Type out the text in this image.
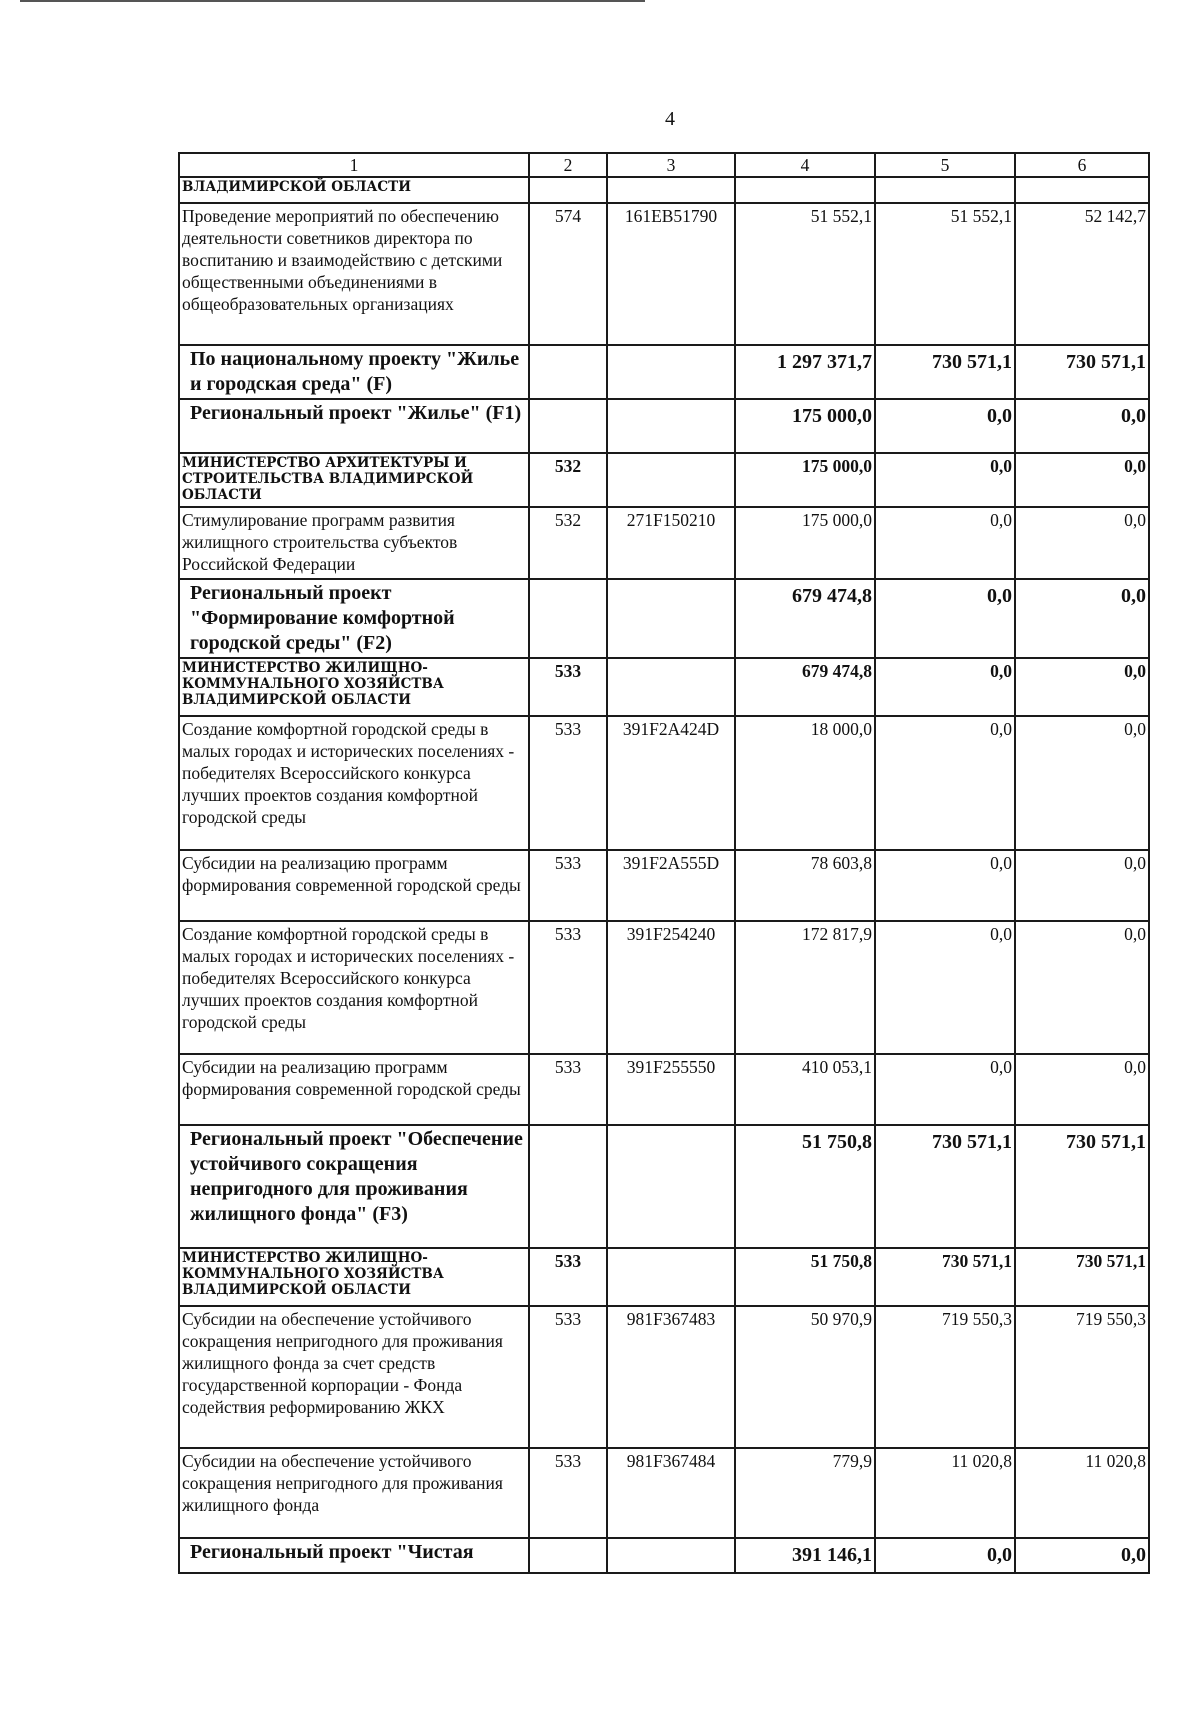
4
1	2	3	4	5	6
ВЛАДИМИРСКОЙ ОБЛАСТИ					
Проведение мероприятий по обеспечению деятельности советников директора по воспитанию и взаимодействию с детскими общественными объединениями в общеобразовательных организациях	574	161EB51790	51 552,1	51 552,1	52 142,7
По национальному проекту "Жилье и городская среда" (F)			1 297 371,7	730 571,1	730 571,1
Региональный проект "Жилье" (F1)			175 000,0	0,0	0,0
МИНИСТЕРСТВО АРХИТЕКТУРЫ И СТРОИТЕЛЬСТВА ВЛАДИМИРСКОЙ ОБЛАСТИ	532		175 000,0	0,0	0,0
Стимулирование программ развития жилищного строительства субъектов Российской Федерации	532	271F150210	175 000,0	0,0	0,0
Региональный проект "Формирование комфортной городской среды" (F2)			679 474,8	0,0	0,0
МИНИСТЕРСТВО ЖИЛИЩНО-КОММУНАЛЬНОГО ХОЗЯЙСТВА ВЛАДИМИРСКОЙ ОБЛАСТИ	533		679 474,8	0,0	0,0
Создание комфортной городской среды в малых городах и исторических поселениях - победителях Всероссийского конкурса лучших проектов создания комфортной городской среды	533	391F2A424D	18 000,0	0,0	0,0
Субсидии на реализацию программ формирования современной городской среды	533	391F2A555D	78 603,8	0,0	0,0
Создание комфортной городской среды в малых городах и исторических поселениях - победителях Всероссийского конкурса лучших проектов создания комфортной городской среды	533	391F254240	172 817,9	0,0	0,0
Субсидии на реализацию программ формирования современной городской среды	533	391F255550	410 053,1	0,0	0,0
Региональный проект "Обеспечение устойчивого сокращения непригодного для проживания жилищного фонда" (F3)			51 750,8	730 571,1	730 571,1
МИНИСТЕРСТВО ЖИЛИЩНО-КОММУНАЛЬНОГО ХОЗЯЙСТВА ВЛАДИМИРСКОЙ ОБЛАСТИ	533		51 750,8	730 571,1	730 571,1
Субсидии на обеспечение устойчивого сокращения непригодного для проживания жилищного фонда за счет средств государственной корпорации - Фонда содействия реформированию ЖКХ	533	981F367483	50 970,9	719 550,3	719 550,3
Субсидии на обеспечение устойчивого сокращения непригодного для проживания жилищного фонда	533	981F367484	779,9	11 020,8	11 020,8
Региональный проект "Чистая			391 146,1	0,0	0,0
